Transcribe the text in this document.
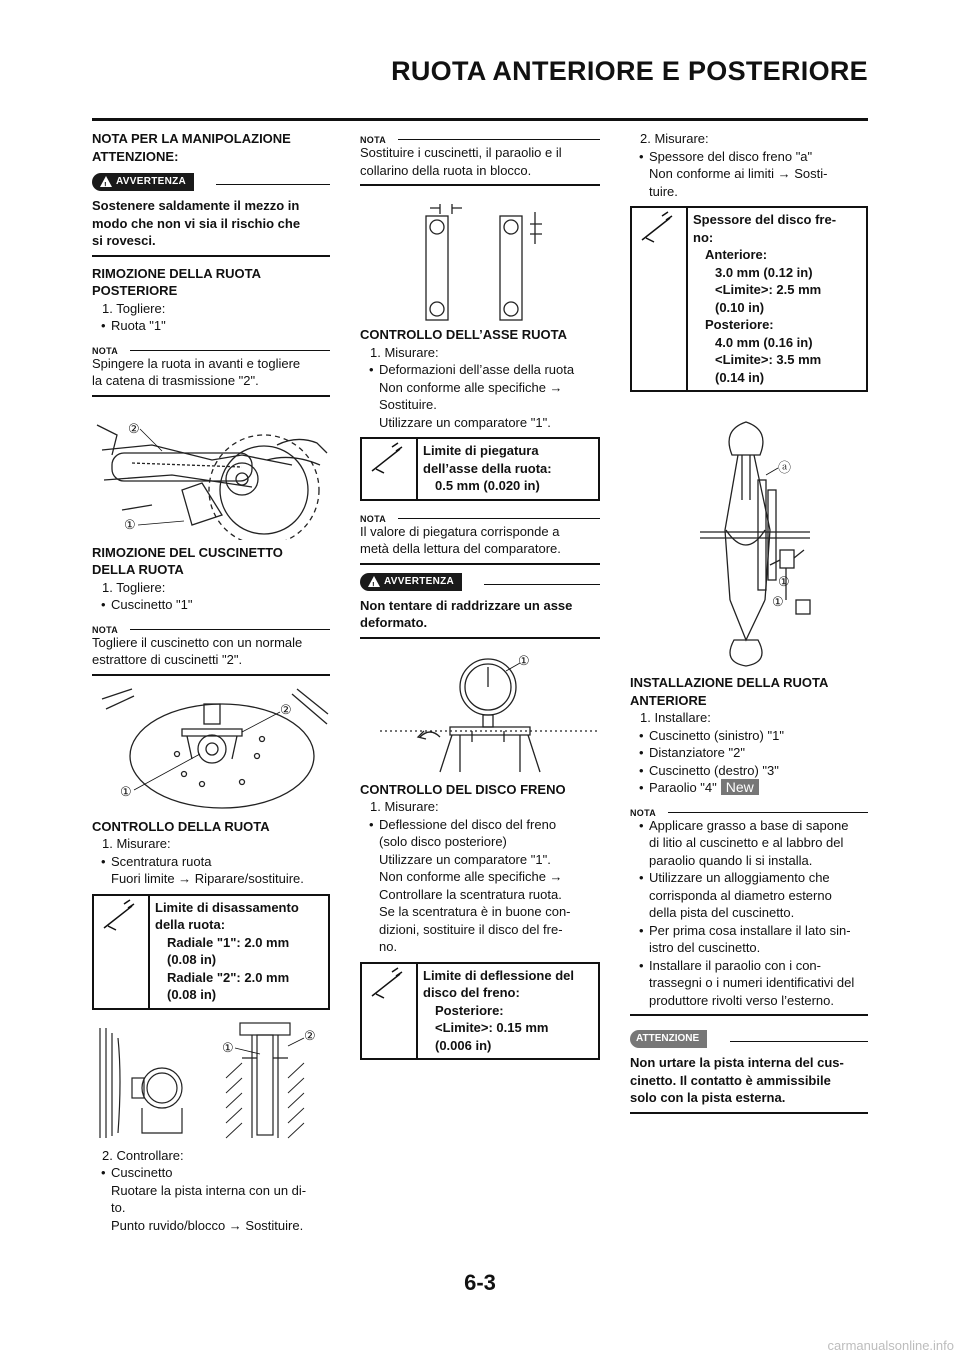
RUOTA ANTERIORE E POSTERIORE

NOTA PER LA MANIPOLAZIONE

ATTENZIONE:

!
AVVERTENZA
Sostenere saldamente il mezzo in
modo che non vi sia il rischio che
si rovesci.

RIMOZIONE DELLA RUOTA
POSTERIORE

1. Togliere:

• Ruota "1"

NOTA
Spingere la ruota in avanti e togliere
la catena di trasmissione "2".
②
①

RIMOZIONE DEL CUSCINETTO
DELLA RUOTA

1. Togliere:

• Cuscinetto "1"

NOTA
Togliere il cuscinetto con un normale
estrattore di cuscinetti "2".
②
①

CONTROLLO DELLA RUOTA

1. Misurare:

• Scentratura ruota

Fuori limite → Riparare/sostituire.

Limite di disassamento
della ruota:
Radiale "1": 2.0 mm
(0.08 in)
Radiale "2": 2.0 mm
(0.08 in)
①
②

2. Controllare:

• Cuscinetto

Ruotare la pista interna con un di-

to.

Punto ruvido/blocco → Sostituire.

NOTA
Sostituire i cuscinetti, il paraolio e il
collarino della ruota in blocco.

CONTROLLO DELL’ASSE RUOTA

1. Misurare:

• Deformazioni dell’asse della ruota

Non conforme alle specifiche →

Sostituire.

Utilizzare un comparatore "1".

Limite di piegatura
dell’asse della ruota:
0.5 mm (0.020 in)
NOTA
Il valore di piegatura corrisponde a
metà della lettura del comparatore.
!
AVVERTENZA
Non tentare di raddrizzare un asse
deformato.
①

CONTROLLO DEL DISCO FRENO

1. Misurare:

• Deflessione del disco del freno

(solo disco posteriore)

Utilizzare un comparatore "1".

Non conforme alle specifiche →

Controllare la scentratura ruota.

Se la scentratura è in buone con-

dizioni, sostituire il disco del fre-

no.

Limite di deflessione del
disco del freno:
Posteriore:
<Limite>: 0.15 mm
(0.006 in)

2. Misurare:

• Spessore del disco freno "a"

Non conforme ai limiti → Sosti-

tuire.

Spessore del disco fre-
no:
Anteriore:
3.0 mm (0.12 in)
<Limite>: 2.5 mm
(0.10 in)
Posteriore:
4.0 mm (0.16 in)
<Limite>: 3.5 mm
(0.14 in)
ⓐ
①
①

INSTALLAZIONE DELLA RUOTA
ANTERIORE

1. Installare:

• Cuscinetto (sinistro) "1"

• Distanziatore "2"

• Cuscinetto (destro) "3"

• Paraolio "4" New

NOTA
• Applicare grasso a base di sapone
di litio al cuscinetto e al labbro del
paraolio quando li si installa.
• Utilizzare un alloggiamento che
corrisponda al diametro esterno
della pista del cuscinetto.
• Per prima cosa installare il lato sin-
istro del cuscinetto.
• Installare il paraolio con i con-
trassegni o i numeri identificativi del
produttore rivolti verso l’esterno.
ATTENZIONE
Non urtare la pista interna del cus-
cinetto. Il contatto è ammissibile
solo con la pista esterna.
6-3
carmanualsonline.info
